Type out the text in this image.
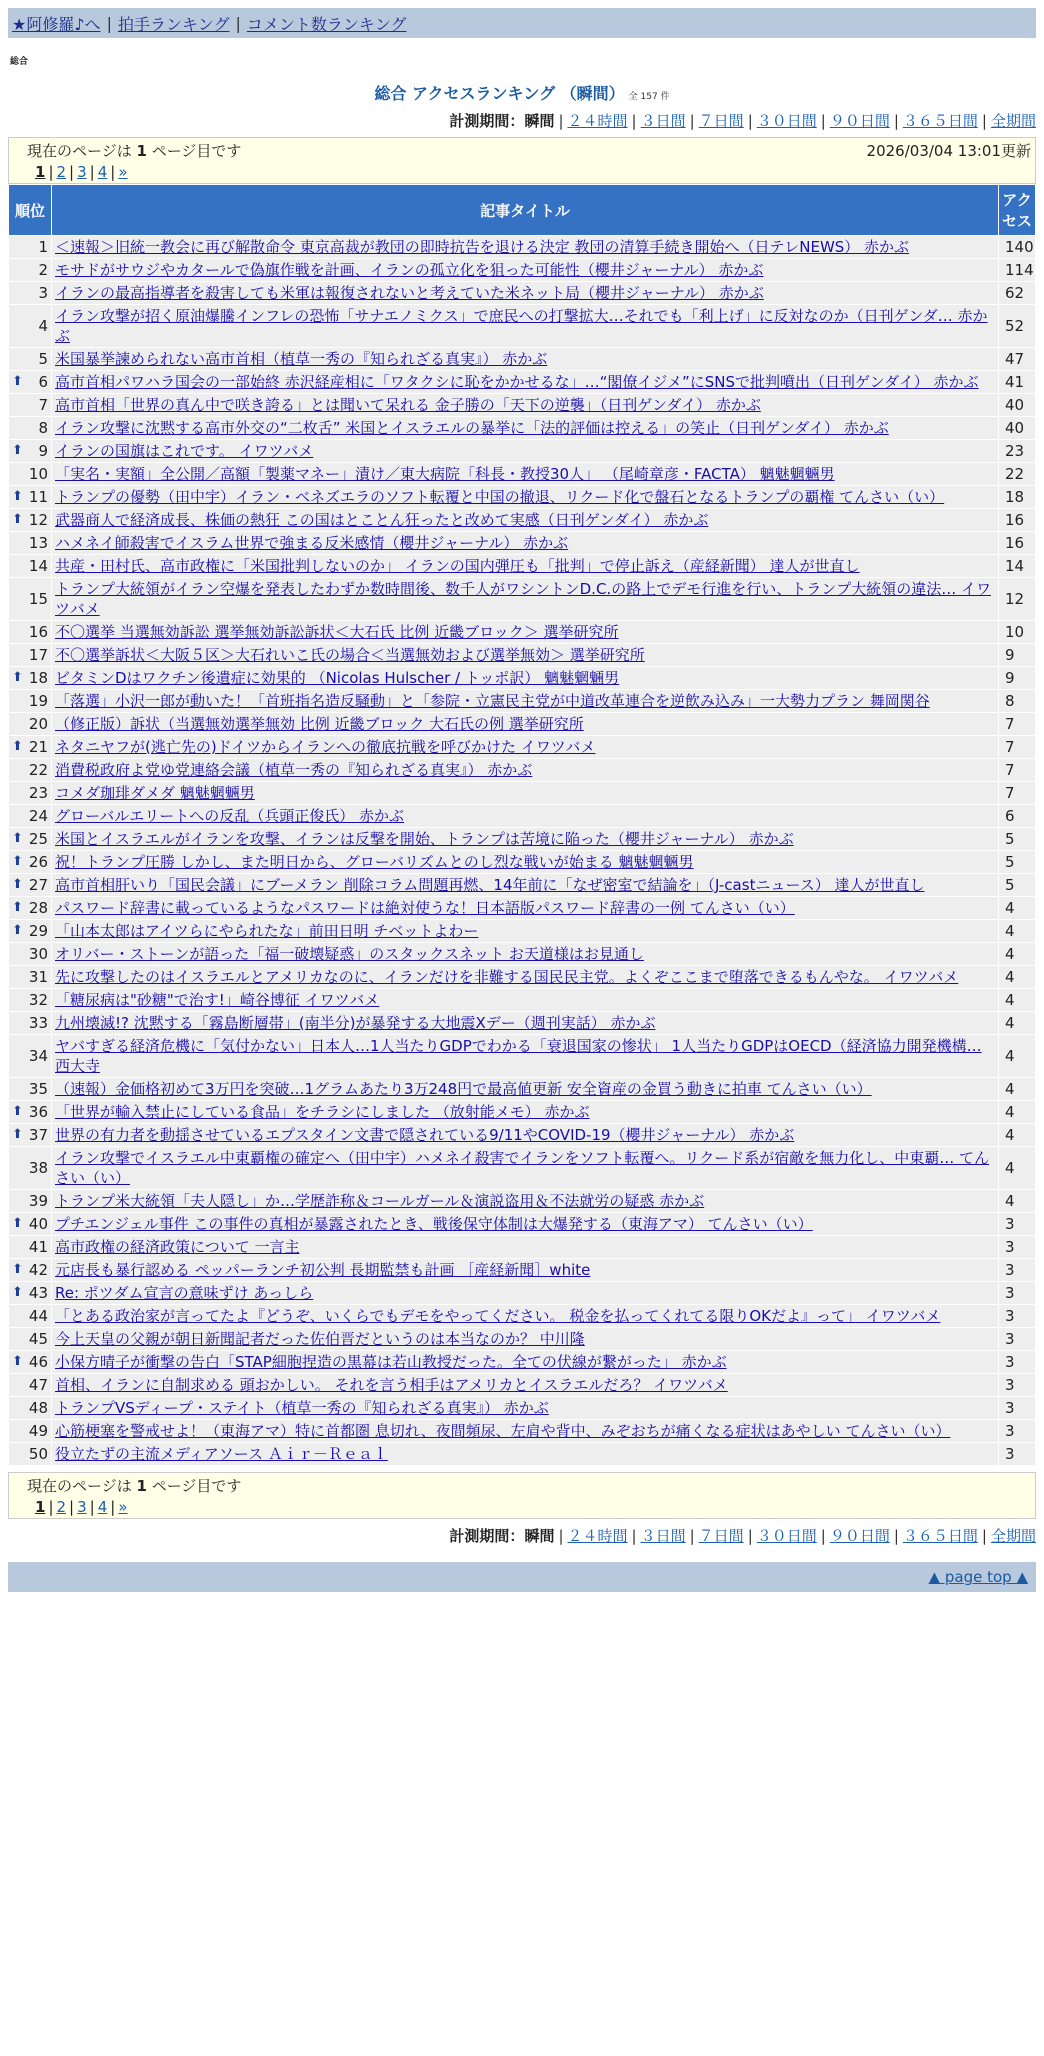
★阿修羅♪へ | 拍手ランキング | コメント数ランキング
総合
総合 アクセスランキング （瞬間） 全 157 件
計測期間：瞬間 | ２４時間 | ３日間 | ７日間 | ３０日間 | ９０日間 | ３６５日間 | 全期間
現在のページは 1 ページ目です	2026/03/04 13:01更新
1 | 2 | 3 | 4 | »
順位	記事タイトル	アクセス
1	＜速報＞旧統一教会に再び解散命令 東京高裁が教団の即時抗告を退ける決定 教団の清算手続き開始へ（日テレNEWS） 赤かぶ	140
2	モサドがサウジやカタールで偽旗作戦を計画、イランの孤立化を狙った可能性（櫻井ジャーナル） 赤かぶ	114
3	イランの最高指導者を殺害しても米軍は報復されないと考えていた米ネット局（櫻井ジャーナル） 赤かぶ	62
4	イラン攻撃が招く原油爆騰インフレの恐怖「サナエノミクス」で庶民への打撃拡大…それでも「利上げ」に反対なのか（日刊ゲンダ… 赤かぶ	52
5	米国暴挙諫められない高市首相（植草一秀の『知られざる真実』） 赤かぶ	47

⬆ 6	高市首相パワハラ国会の一部始終 赤沢経産相に「ワタクシに恥をかかせるな」…“閣僚イジメ”にSNSで批判噴出（日刊ゲンダイ） 赤かぶ	41
7	高市首相「世界の真ん中で咲き誇る」とは聞いて呆れる 金子勝の「天下の逆襲」（日刊ゲンダイ） 赤かぶ	40
8	イラン攻撃に沈黙する高市外交の“二枚舌” 米国とイスラエルの暴挙に「法的評価は控える」の笑止（日刊ゲンダイ） 赤かぶ	40

⬆ 9	イランの国旗はこれです。 イワツバメ	23
10	「実名・実額」全公開／高額「製薬マネー」漬け／東大病院「科長・教授30人」 （尾崎章彦・FACTA） 魑魅魍魎男	22

⬆ 11	トランプの優勢（田中宇）イラン・ベネズエラのソフト転覆と中国の撤退、リクード化で盤石となるトランプの覇権 てんさい（い）	18

⬆ 12	武器商人で経済成長、株価の熱狂 この国はとことん狂ったと改めて実感（日刊ゲンダイ） 赤かぶ	16
13	ハメネイ師殺害でイスラム世界で強まる反米感情（櫻井ジャーナル） 赤かぶ	16
14	共産・田村氏、高市政権に「米国批判しないのか」 イランの国内弾圧も「批判」で停止訴え（産経新聞） 達人が世直し	14
15	トランプ大統領がイラン空爆を発表したわずか数時間後、数千人がワシントンD.C.の路上でデモ行進を行い、トランプ大統領の違法… イワツバメ	12
16	不〇選挙 当選無効訴訟 選挙無効訴訟訴状＜大石氏 比例 近畿ブロック＞ 選挙研究所	10
17	不〇選挙訴状＜大阪５区＞大石れいこ氏の場合＜当選無効および選挙無効＞ 選挙研究所	9

⬆ 18	ビタミンDはワクチン後遺症に効果的 （Nicolas Hulscher / トッポ訳） 魑魅魍魎男	9
19	「落選」小沢一郎が動いた！「首班指名造反騒動」と「参院・立憲民主党が中道改革連合を逆飲み込み」一大勢力プラン 舞岡関谷	8
20	（修正版）訴状（当選無効選挙無効 比例 近畿ブロック 大石氏の例 選挙研究所	7

⬆ 21	ネタニヤフが(逃亡先の)ドイツからイランへの徹底抗戦を呼びかけた イワツバメ	7
22	消費税政府よ党ゆ党連絡会議（植草一秀の『知られざる真実』） 赤かぶ	7
23	コメダ珈琲ダメダ 魑魅魍魎男	7
24	グローバルエリートへの反乱（兵頭正俊氏） 赤かぶ	6

⬆ 25	米国とイスラエルがイランを攻撃、イランは反撃を開始、トランプは苦境に陥った（櫻井ジャーナル） 赤かぶ	5

⬆ 26	祝！トランプ圧勝 しかし、また明日から、グローバリズムとのし烈な戦いが始まる 魑魅魍魎男	5

⬆ 27	高市首相肝いり「国民会議」にブーメラン 削除コラム問題再燃、14年前に「なぜ密室で結論を」（J-castニュース） 達人が世直し	5

⬆ 28	パスワード辞書に載っているようなパスワードは絶対使うな！日本語版パスワード辞書の一例 てんさい（い）	4

⬆ 29	「山本太郎はアイツらにやられたな」前田日明 チベットよわー	4
30	オリバー・ストーンが語った「福一破壊疑惑」のスタックスネット お天道様はお見通し	4
31	先に攻撃したのはイスラエルとアメリカなのに、イランだけを非難する国民民主党。よくぞここまで堕落できるもんやな。 イワツバメ	4
32	「糖尿病は"砂糖"で治す!」崎谷博征 イワツバメ	4
33	九州壊滅!? 沈黙する「霧島断層帯」(南半分)が暴発する大地震Xデー（週刊実話） 赤かぶ	4
34	ヤバすぎる経済危機に「気付かない」日本人…1人当たりGDPでわかる「衰退国家の惨状」 1人当たりGDPはOECD（経済協力開発機構… 西大寺	4
35	（速報）金価格初めて3万円を突破…1グラムあたり3万248円で最高値更新 安全資産の金買う動きに拍車 てんさい（い）	4

⬆ 36	「世界が輸入禁止にしている食品」をチラシにしました （放射能メモ） 赤かぶ	4

⬆ 37	世界の有力者を動揺させているエプスタイン文書で隠されている9/11やCOVID-19（櫻井ジャーナル） 赤かぶ	4
38	イラン攻撃でイスラエル中東覇権の確定へ（田中宇）ハメネイ殺害でイランをソフト転覆へ。リクード系が宿敵を無力化し、中東覇… てんさい（い）	4
39	トランプ米大統領「夫人隠し」か…学歴詐称＆コールガール＆演説盗用＆不法就労の疑惑 赤かぶ	4

⬆ 40	プチエンジェル事件 この事件の真相が暴露されたとき、戦後保守体制は大爆発する（東海アマ） てんさい（い）	3
41	高市政権の経済政策について 一言主	3

⬆ 42	元店長も暴行認める ペッパーランチ初公判 長期監禁も計画 ［産経新聞］white	3

⬆ 43	Re: ポツダム宣言の意味ずけ あっしら	3
44	「とある政治家が言ってたよ『どうぞ、いくらでもデモをやってください。 税金を払ってくれてる限りOKだよ』って」 イワツバメ	3
45	今上天皇の父親が朝日新聞記者だった佐伯晋だというのは本当なのか？ 中川隆	3

⬆ 46	小保方晴子が衝撃の告白「STAP細胞捏造の黒幕は若山教授だった。全ての伏線が繋がった」 赤かぶ	3
47	首相、イランに自制求める 頭おかしい。 それを言う相手はアメリカとイスラエルだろ？ イワツバメ	3
48	トランプVSディープ・ステイト（植草一秀の『知られざる真実』） 赤かぶ	3
49	心筋梗塞を警戒せよ！（東海アマ）特に首都圏 息切れ、夜間頻尿、左肩や背中、みぞおちが痛くなる症状はあやしい てんさい（い）	3
50	役立たずの主流メディアソース Ａｉｒ－Ｒｅａｌ	3
現在のページは 1 ページ目です
1 | 2 | 3 | 4 | »
計測期間：瞬間 | ２４時間 | ３日間 | ７日間 | ３０日間 | ９０日間 | ３６５日間 | 全期間
▲ page top ▲
